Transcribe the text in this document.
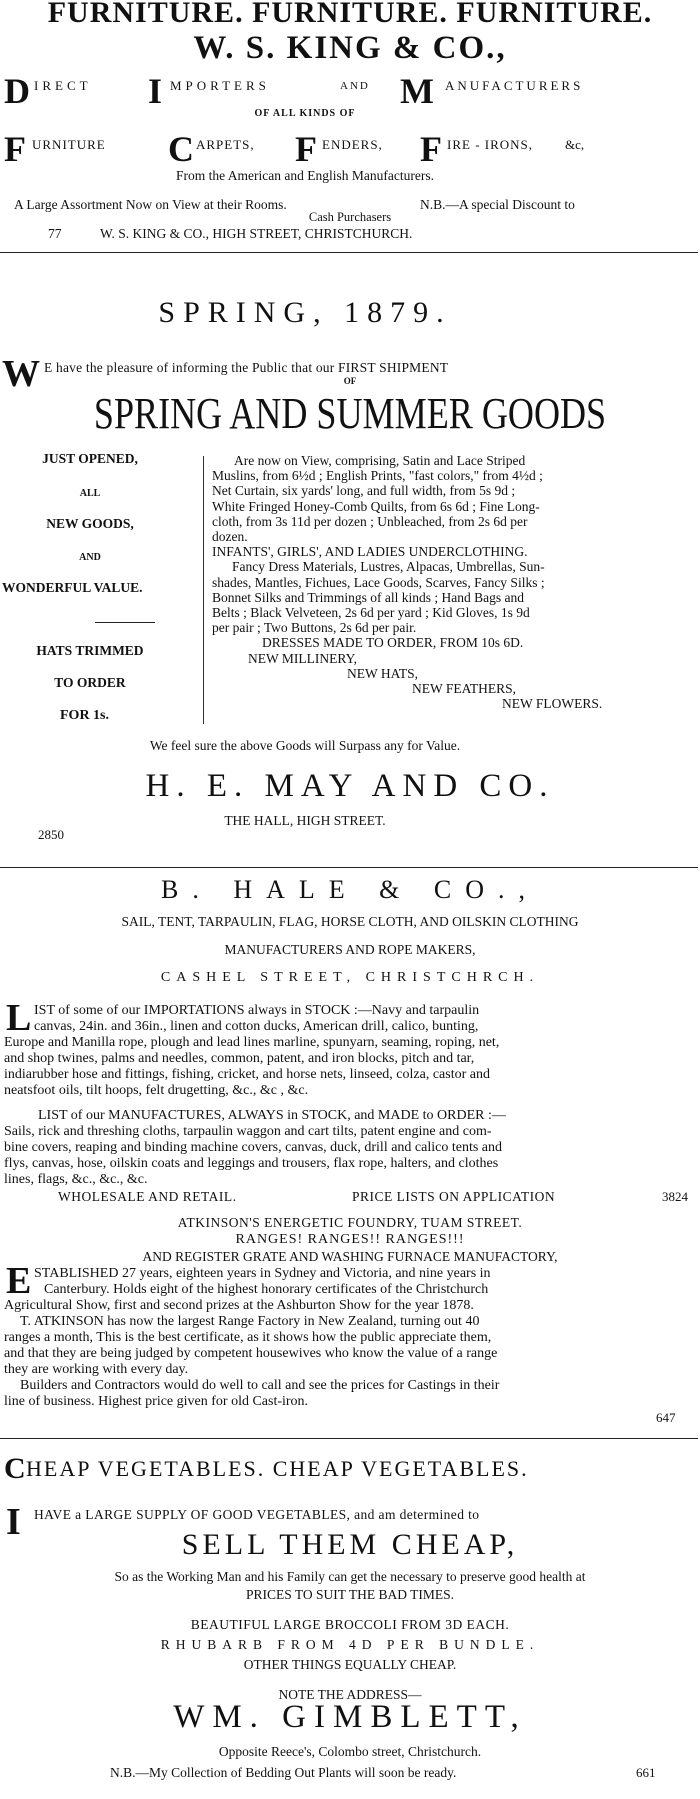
FURNITURE. FURNITURE. FURNITURE.
W. S. KING & CO.,
D IRECT I MPORTERS	AND M ANUFACTURERS
OF ALL KINDS OF
F URNITURE C ARPETS, F ENDERS, F IRE - IRONS, &c,
From the American and English Manufacturers.
A Large Assortment Now on View at their Rooms.	N.B.—A special Discount to
Cash Purchasers
77	W. S. KING & CO., HIGH STREET, CHRISTCHURCH.
SPRING, 1879.
W E have the pleasure of informing the Public that our FIRST SHIPMENT
OF
SPRING AND SUMMER GOODS
JUST OPENED,
ALL
NEW GOODS,
AND
WONDERFUL VALUE.
HATS TRIMMED
TO ORDER
FOR 1s.
Are now on View, comprising, Satin and Lace Striped
Muslins, from 6½d ; English Prints, "fast colors," from 4½d ;
Net Curtain, six yards' long, and full width, from 5s 9d ;
White Fringed Honey-Comb Quilts, from 6s 6d ; Fine Long-
cloth, from 3s 11d per dozen ; Unbleached, from 2s 6d per
dozen.
INFANTS', GIRLS', AND LADIES UNDERCLOTHING.
Fancy Dress Materials, Lustres, Alpacas, Umbrellas, Sun-
shades, Mantles, Fichues, Lace Goods, Scarves, Fancy Silks ;
Bonnet Silks and Trimmings of all kinds ; Hand Bags and
Belts ; Black Velveteen, 2s 6d per yard ; Kid Gloves, 1s 9d
per pair ; Two Buttons, 2s 6d per pair.
DRESSES MADE TO ORDER, FROM 10s 6D.
NEW MILLINERY,
NEW HATS,
NEW FEATHERS,
NEW FLOWERS.
We feel sure the above Goods will Surpass any for Value.
H. E. MAY AND CO.
THE HALL, HIGH STREET.
2850
B. HALE & CO.,
SAIL, TENT, TARPAULIN, FLAG, HORSE CLOTH, AND OILSKIN CLOTHING
MANUFACTURERS AND ROPE MAKERS,
CASHEL STREET, CHRISTCHRCH.
L IST of some of our IMPORTATIONS always in STOCK :—Navy and tarpaulin
canvas, 24in. and 36in., linen and cotton ducks, American drill, calico, bunting,
Europe and Manilla rope, plough and lead lines marline, spunyarn, seaming, roping, net,
and shop twines, palms and needles, common, patent, and iron blocks, pitch and tar,
indiarubber hose and fittings, fishing, cricket, and horse nets, linseed, colza, castor and
neatsfoot oils, tilt hoops, felt drugetting, &c., &c , &c.
LIST of our MANUFACTURES, ALWAYS in STOCK, and MADE to ORDER :—
Sails, rick and threshing cloths, tarpaulin waggon and cart tilts, patent engine and com-
bine covers, reaping and binding machine covers, canvas, duck, drill and calico tents and
flys, canvas, hose, oilskin coats and leggings and trousers, flax rope, halters, and clothes
lines, flags, &c., &c., &c.
WHOLESALE AND RETAIL.	PRICE LISTS ON APPLICATION	3824
ATKINSON'S ENERGETIC FOUNDRY, TUAM STREET.
RANGES! RANGES!! RANGES!!!
AND REGISTER GRATE AND WASHING FURNACE MANUFACTORY,
E STABLISHED 27 years, eighteen years in Sydney and Victoria, and nine years in
Canterbury. Holds eight of the highest honorary certificates of the Christchurch
Agricultural Show, first and second prizes at the Ashburton Show for the year 1878.
T. ATKINSON has now the largest Range Factory in New Zealand, turning out 40
ranges a month, This is the best certificate, as it shows how the public appreciate them,
and that they are being judged by competent housewives who know the value of a range
they are working with every day.
Builders and Contractors would do well to call and see the prices for Castings in their
line of business. Highest price given for old Cast-iron.
647
C HEAP VEGETABLES. CHEAP VEGETABLES.
I HAVE a LARGE SUPPLY OF GOOD VEGETABLES, and am determined to
SELL THEM CHEAP,
So as the Working Man and his Family can get the necessary to preserve good health at
PRICES TO SUIT THE BAD TIMES.
BEAUTIFUL LARGE BROCCOLI FROM 3D EACH.
RHUBARB FROM 4D PER BUNDLE.
OTHER THINGS EQUALLY CHEAP.
NOTE THE ADDRESS—
WM. GIMBLETT,
Opposite Reece's, Colombo street, Christchurch.
N.B.—My Collection of Bedding Out Plants will soon be ready.	661
